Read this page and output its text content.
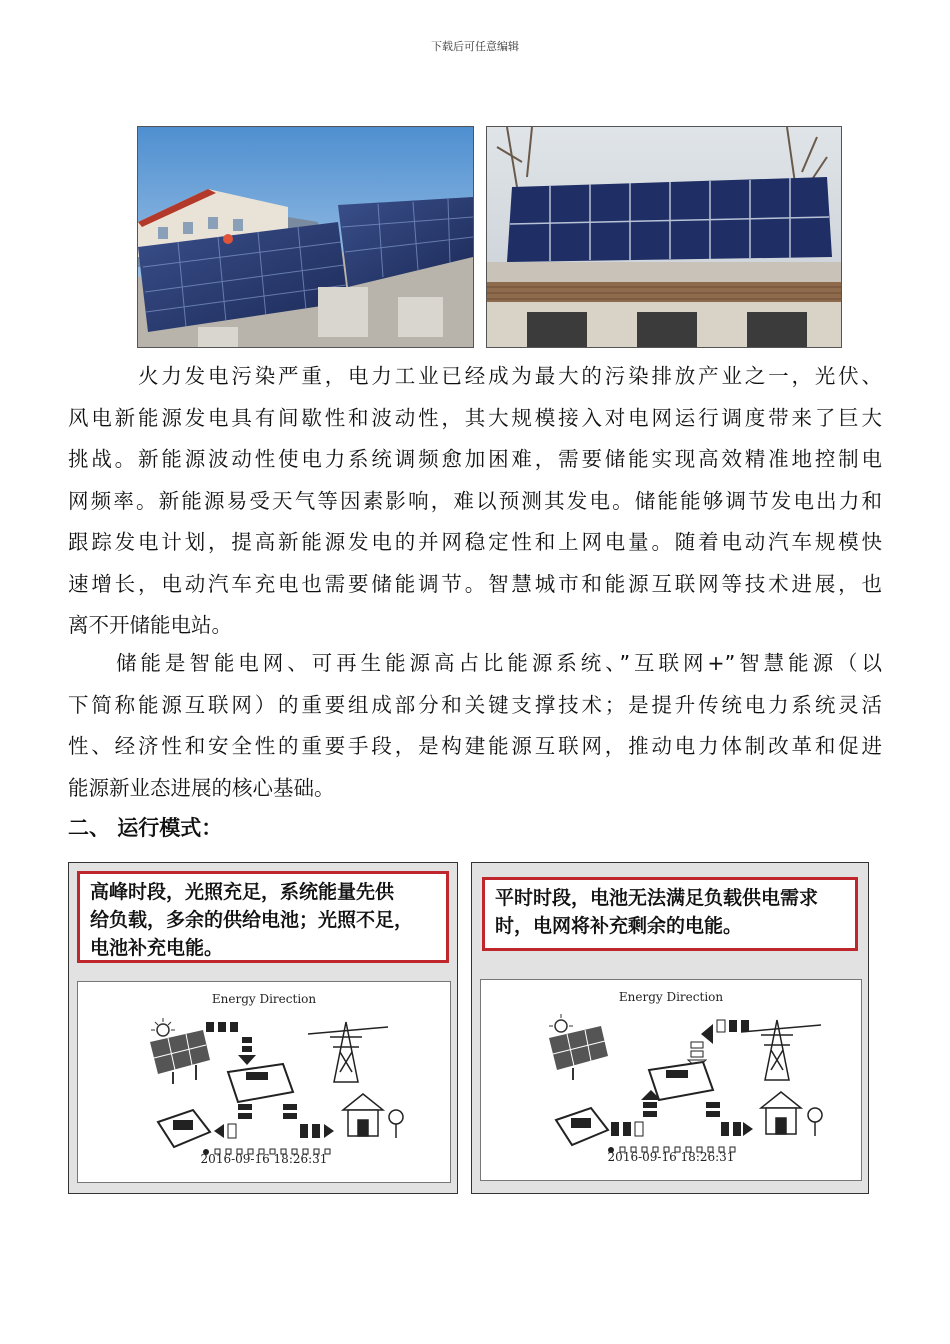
下载后可任意编辑
火力发电污染严重，电力工业已经成为最大的污染排放产业之一，光伏、
风电新能源发电具有间歇性和波动性，其大规模接入对电网运行调度带来了巨大
挑战。新能源波动性使电力系统调频愈加困难，需要储能实现高效精准地控制电
网频率。新能源易受天气等因素影响，难以预测其发电。储能能够调节发电出力和
跟踪发电计划，提高新能源发电的并网稳定性和上网电量。随着电动汽车规模快
速增长，电动汽车充电也需要储能调节。智慧城市和能源互联网等技术进展，也
离不开储能电站。
储能是智能电网、可再生能源高占比能源系统、”互联网+”智慧能源（以
下简称能源互联网）的重要组成部分和关键支撑技术；是提升传统电力系统灵活
性、经济性和安全性的重要手段，是构建能源互联网，推动电力体制改革和促进
能源新业态进展的核心基础。
二、 运行模式：
高峰时段，光照充足，系统能量先供
给负载，多余的供给电池；光照不足，
电池补充电能。
Energy Direction
2016-09-16 18:26:31
平时时段，电池无法满足负载供电需求
时，电网将补充剩余的电能。
Energy Direction
2016-09-16 18:26:31
